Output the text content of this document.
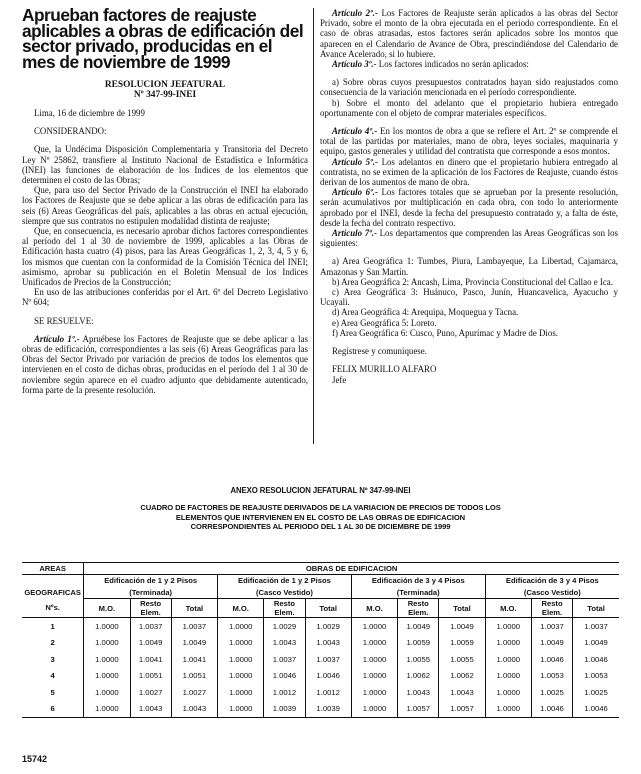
Aprueban factores de reajuste aplicables a obras de edificación del sector privado, producidas en el mes de noviembre de 1999
RESOLUCION JEFATURAL
Nº 347-99-INEI

Lima, 16 de diciembre de 1999

CONSIDERANDO:

Que, la Undécima Disposición Complementaria y Transitoria del Decreto Ley Nº 25862, transfiere al Instituto Nacional de Estadística e Informática (INEI) las funciones de elaboración de los Indices de los elementos que determinen el costo de las Obras;

Que, para uso del Sector Privado de la Construcción el INEI ha elaborado los Factores de Reajuste que se debe aplicar a las obras de edificación para las seis (6) Areas Geográficas del país, aplicables a las obras en actual ejecución, siempre que sus contratos no estipulen modalidad distinta de reajuste;

Que, en consecuencia, es necesario aprobar dichos factores correspondientes al período del 1 al 30 de noviembre de 1999, aplicables a las Obras de Edificación hasta cuatro (4) pisos, para las Areas Geográficas 1, 2, 3, 4, 5 y 6, los mismos que cuentan con la conformidad de la Comisión Técnica del INEI; asimismo, aprobar su publicación en el Boletín Mensual de los Indices Unificados de Precios de la Construcción;

En uso de las atribuciones conferidas por el Art. 6º del Decreto Legislativo Nº 604;

SE RESUELVE:

Artículo 1º.- Apruébese los Factores de Reajuste que se debe aplicar a las obras de edificación, correspondientes a las seis (6) Areas Geográficas para las Obras del Sector Privado por variación de precios de todos los elementos que intervienen en el costo de dichas obras, producidas en el período del 1 al 30 de noviembre según aparece en el cuadro adjunto que debidamente autenticado, forma parte de la presente resolución.

Artículo 2º.- Los Factores de Reajuste serán aplicados a las obras del Sector Privado, sobre el monto de la obra ejecutada en el período correspondiente. En el caso de obras atrasadas, estos factores serán aplicados sobre los montos que aparecen en el Calendario de Avance de Obra, prescindiéndose del Calendario de Avance Acelerado, si lo hubiere.

Artículo 3º.- Los factores indicados no serán aplicados:

a) Sobre obras cuyos presupuestos contratados hayan sido reajustados como consecuencia de la variación mencionada en el período correspondiente.

b) Sobre el monto del adelanto que el propietario hubiera entregado oportunamente con el objeto de comprar materiales específicos.

Artículo 4º.- En los montos de obra a que se refiere el Art. 2º se comprende el total de las partidas por materiales, mano de obra, leyes sociales, maquinaria y equipo, gastos generales y utilidad del contratista que corresponde a esos montos.

Artículo 5º.- Los adelantos en dinero que el propietario hubiera entregado al contratista, no se eximen de la aplicación de los Factores de Reajuste, cuando éstos derivan de los aumentos de mano de obra.

Artículo 6º.- Los factores totales que se aprueban por la presente resolución, serán acumulativos por multiplicación en cada obra, con todo lo anteriormente aprobado por el INEI, desde la fecha del presupuesto contratado y, a falta de éste, desde la fecha del contrato respectivo.

Artículo 7º.- Los departamentos que comprenden las Areas Geográficas son los siguientes:

a) Area Geográfica 1: Tumbes, Piura, Lambayeque, La Libertad, Cajamarca, Amazonas y San Martín.

b) Area Geográfica 2: Ancash, Lima, Provincia Constitucional del Callao e Ica.

c) Area Geográfica 3: Huánuco, Pasco, Junín, Huancavelica, Ayacucho y Ucayali.

d) Area Geográfica 4: Arequipa, Moquegua y Tacna.

e) Area Geográfica 5: Loreto.

f) Area Geográfica 6: Cusco, Puno, Apurímac y Madre de Dios.

Regístrese y comuníquese.

FELIX MURILLO ALFARO

Jefe

ANEXO RESOLUCION JEFATURAL Nº 347-99-INEI
CUADRO DE FACTORES DE REAJUSTE DERIVADOS DE LA VARIACION DE PRECIOS DE TODOS LOS
ELEMENTOS QUE INTERVIENEN EN EL COSTO DE LAS OBRAS DE EDIFICACION
CORRESPONDIENTES AL PERIODO DEL 1 AL 30 DE DICIEMBRE DE 1999
AREAS	OBRAS DE EDIFICACION											
	Edificación de 1 y 2 Pisos			Edificación de 1 y 2 Pisos			Edificación de 3 y 4 Pisos			Edificación de 3 y 4 Pisos		
GEOGRAFICAS	(Terminada)			(Casco Vestido)			(Terminada)			(Casco Vestido)		
Nºs.	M.O.	Resto Elem.	Total	M.O.	Resto Elem.	Total	M.O.	Resto Elem.	Total	M.O.	Resto Elem.	Total
1	1.0000	1.0037	1.0037	1.0000	1.0029	1.0029	1.0000	1.0049	1.0049	1.0000	1.0037	1.0037
2	1.0000	1.0049	1.0049	1.0000	1.0043	1.0043	1.0000	1.0059	1.0059	1.0000	1.0049	1.0049
3	1.0000	1.0041	1.0041	1.0000	1.0037	1.0037	1.0000	1.0055	1.0055	1.0000	1.0046	1.0046
4	1.0000	1.0051	1.0051	1.0000	1.0046	1.0046	1.0000	1.0062	1.0062	1.0000	1.0053	1.0053
5	1.0000	1.0027	1.0027	1.0000	1.0012	1.0012	1.0000	1.0043	1.0043	1.0000	1.0025	1.0025
6	1.0000	1.0043	1.0043	1.0000	1.0039	1.0039	1.0000	1.0057	1.0057	1.0000	1.0046	1.0046
15742
